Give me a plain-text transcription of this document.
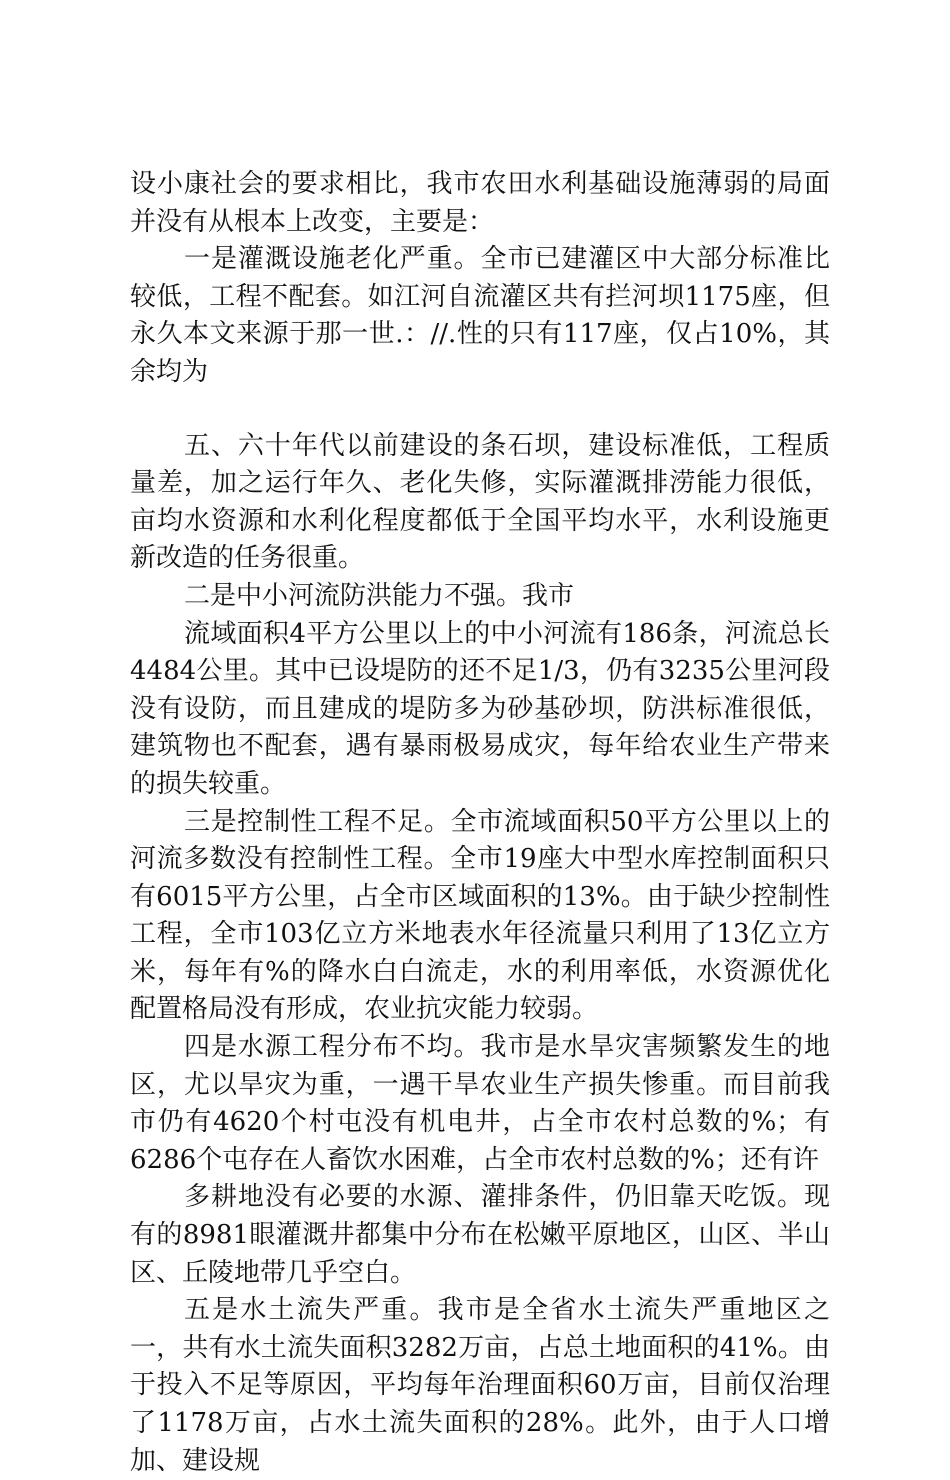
设小康社会的要求相比，我市农田水利基础设施薄弱的局面并没有从根本上改变，主要是：

一是灌溉设施老化严重。全市已建灌区中大部分标准比较低，工程不配套。如江河自流灌区共有拦河坝1175座，但永久本文来源于那一世.：//.性的只有117座，仅占10%，其余均为

五、六十年代以前建设的条石坝，建设标准低，工程质量差，加之运行年久、老化失修，实际灌溉排涝能力很低，亩均水资源和水利化程度都低于全国平均水平，水利设施更新改造的任务很重。

二是中小河流防洪能力不强。我市

流域面积4平方公里以上的中小河流有186条，河流总长4484公里。其中已设堤防的还不足1/3，仍有3235公里河段没有设防，而且建成的堤防多为砂基砂坝，防洪标准很低，建筑物也不配套，遇有暴雨极易成灾，每年给农业生产带来的损失较重。

三是控制性工程不足。全市流域面积50平方公里以上的河流多数没有控制性工程。全市19座大中型水库控制面积只有6015平方公里，占全市区域面积的13%。由于缺少控制性工程，全市103亿立方米地表水年径流量只利用了13亿立方米，每年有%的降水白白流走，水的利用率低，水资源优化配置格局没有形成，农业抗灾能力较弱。

四是水源工程分布不均。我市是水旱灾害频繁发生的地区，尤以旱灾为重，一遇干旱农业生产损失惨重。而目前我市仍有4620个村屯没有机电井，占全市农村总数的%；有6286个屯存在人畜饮水困难，占全市农村总数的%；还有许

多耕地没有必要的水源、灌排条件，仍旧靠天吃饭。现有的8981眼灌溉井都集中分布在松嫩平原地区，山区、半山区、丘陵地带几乎空白。

五是水土流失严重。我市是全省水土流失严重地区之一，共有水土流失面积3282万亩，占总土地面积的41%。由于投入不足等原因，平均每年治理面积60万亩，目前仅治理了1178万亩，占水土流失面积的28%。此外，由于人口增加、建设规
